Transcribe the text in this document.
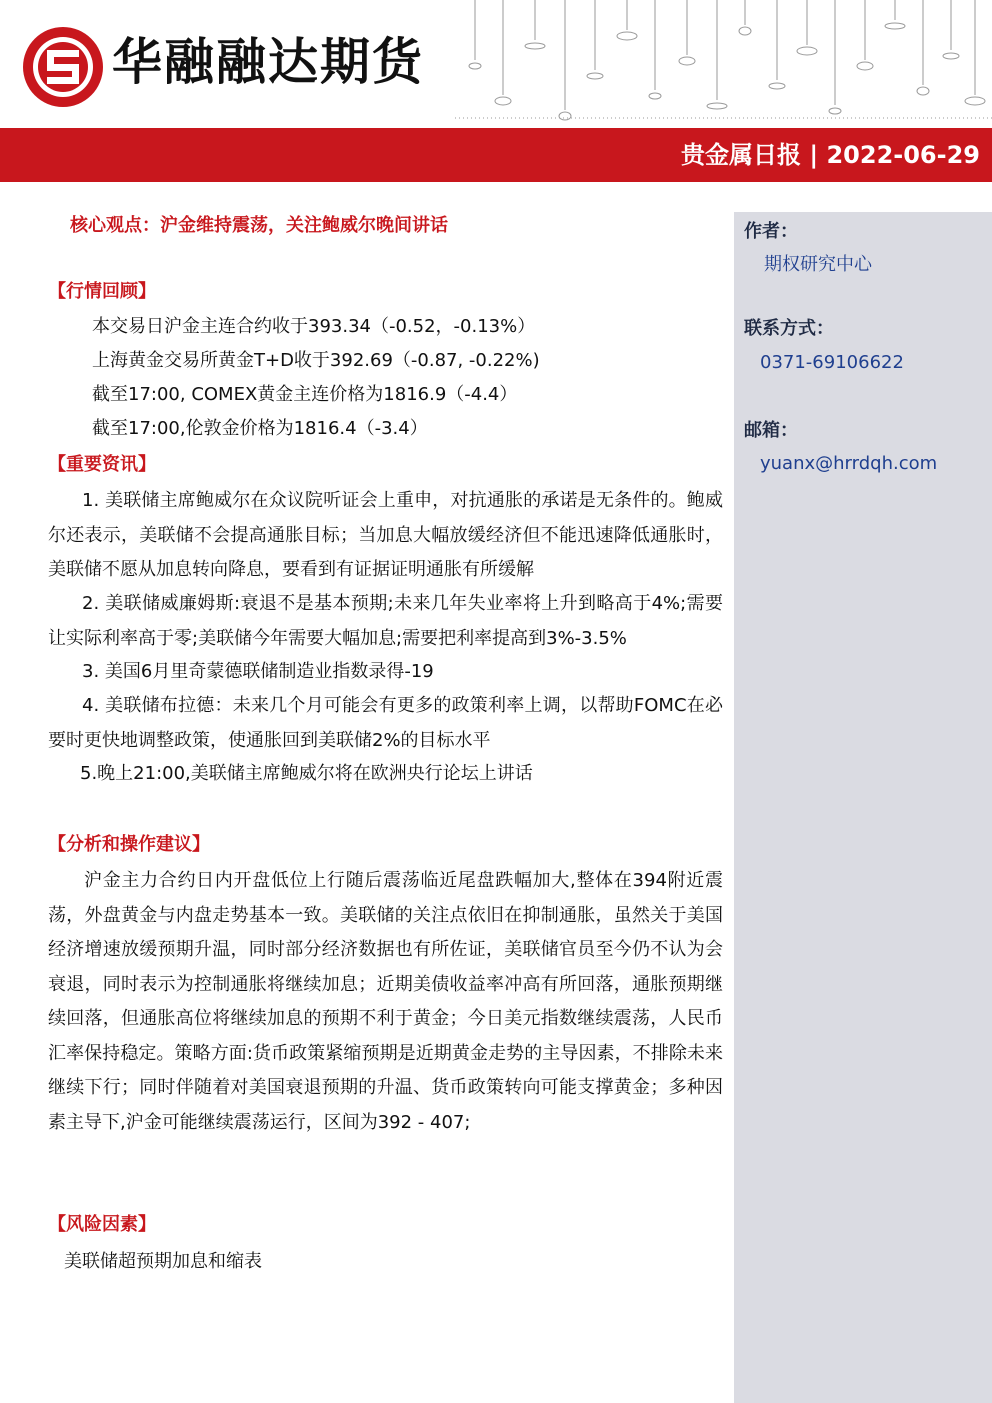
华融融达期货
贵金属日报 | 2022-06-29
作者：
期权研究中心
联系方式：
0371-69106622
邮箱：
yuanx@hrrdqh.com
核心观点：沪金维持震荡，关注鲍威尔晚间讲话
【行情回顾】
本交易日沪金主连合约收于393.34（-0.52，-0.13%）
上海黄金交易所黄金T+D收于392.69（-0.87, -0.22%)
截至17:00, COMEX黄金主连价格为1816.9（-4.4）
截至17:00,伦敦金价格为1816.4（-3.4）
【重要资讯】
1. 美联储主席鲍威尔在众议院听证会上重申，对抗通胀的承诺是无条件的。鲍威尔还表示，美联储不会提高通胀目标；当加息大幅放缓经济但不能迅速降低通胀时，美联储不愿从加息转向降息，要看到有证据证明通胀有所缓解
2. 美联储威廉姆斯:衰退不是基本预期;未来几年失业率将上升到略高于4%;需要让实际利率高于零;美联储今年需要大幅加息;需要把利率提高到3%-3.5%
3. 美国6月里奇蒙德联储制造业指数录得-19
4. 美联储布拉德：未来几个月可能会有更多的政策利率上调，以帮助FOMC在必要时更快地调整政策，使通胀回到美联储2%的目标水平
5.晚上21:00,美联储主席鲍威尔将在欧洲央行论坛上讲话
【分析和操作建议】
沪金主力合约日内开盘低位上行随后震荡临近尾盘跌幅加大,整体在394附近震荡，外盘黄金与内盘走势基本一致。美联储的关注点依旧在抑制通胀，虽然关于美国经济增速放缓预期升温，同时部分经济数据也有所佐证，美联储官员至今仍不认为会衰退，同时表示为控制通胀将继续加息；近期美债收益率冲高有所回落，通胀预期继续回落，但通胀高位将继续加息的预期不利于黄金；今日美元指数继续震荡，人民币汇率保持稳定。策略方面:货币政策紧缩预期是近期黄金走势的主导因素，不排除未来继续下行；同时伴随着对美国衰退预期的升温、货币政策转向可能支撑黄金；多种因素主导下,沪金可能继续震荡运行，区间为392 - 407;
【风险因素】
美联储超预期加息和缩表
